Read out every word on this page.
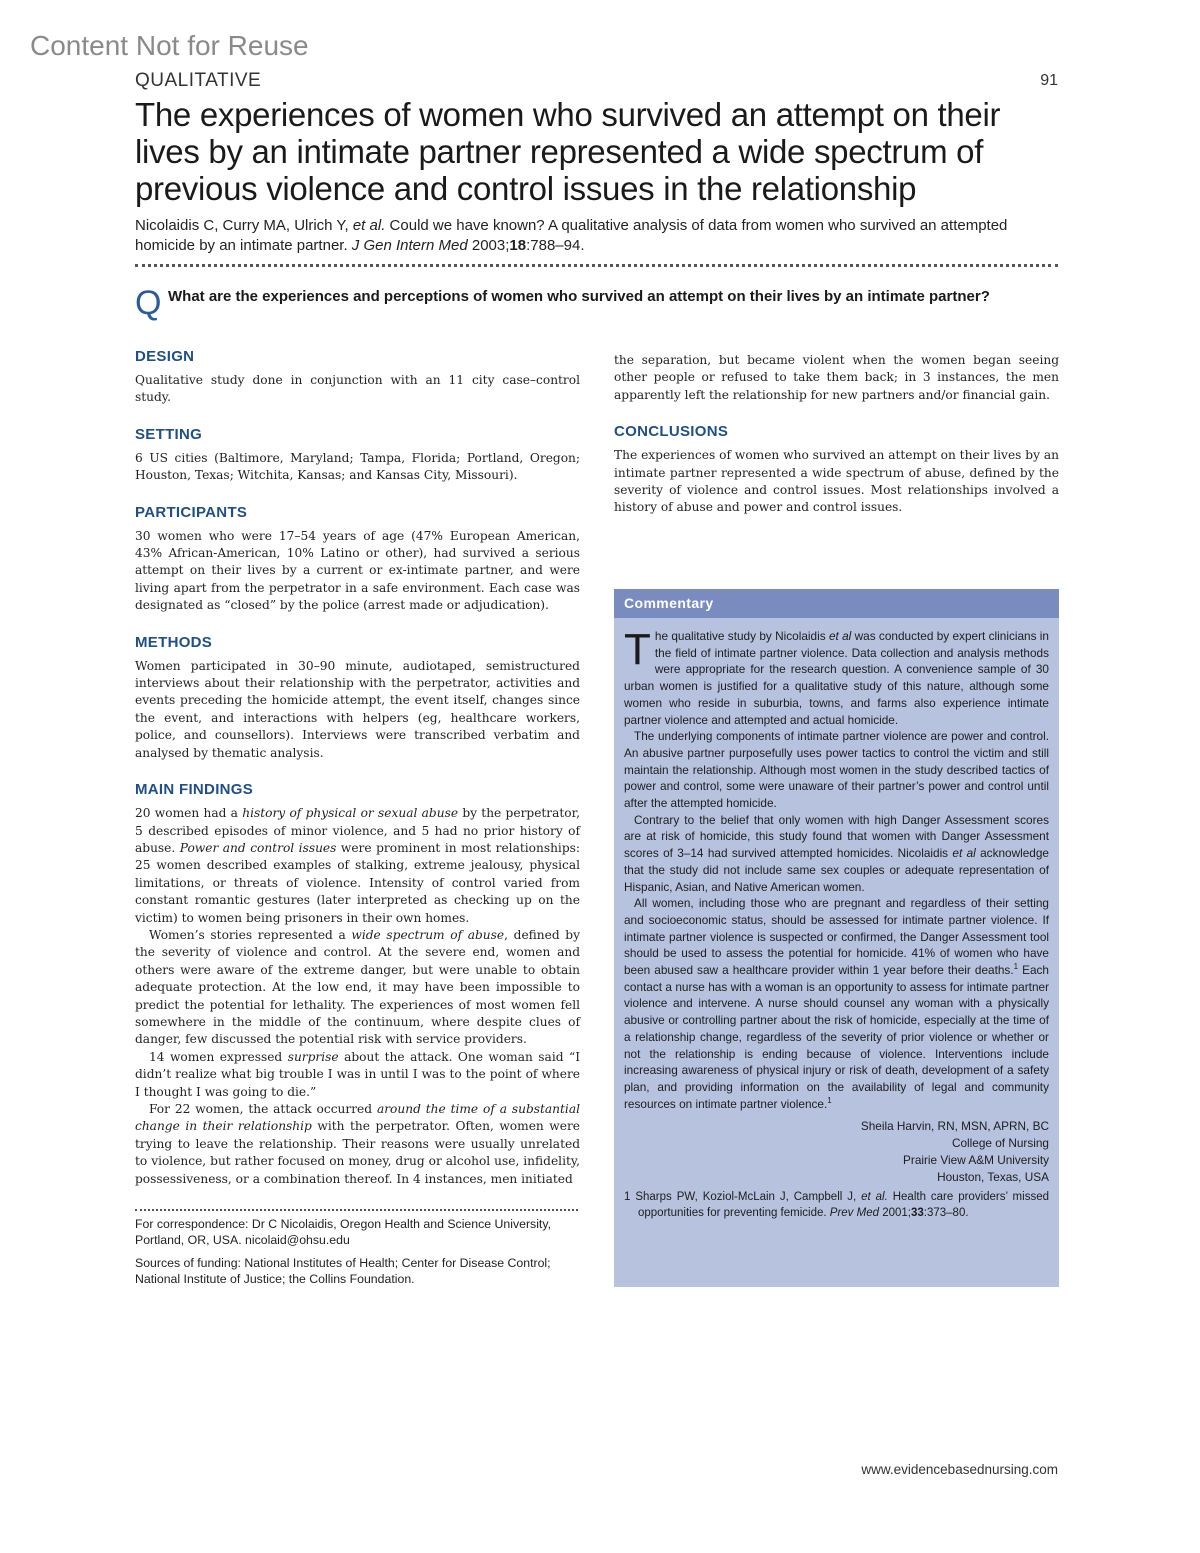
Content Not for Reuse
QUALITATIVE	91
The experiences of women who survived an attempt on their lives by an intimate partner represented a wide spectrum of previous violence and control issues in the relationship

Nicolaidis C, Curry MA, Ulrich Y, et al. Could we have known? A qualitative analysis of data from women who survived an attempted homicide by an intimate partner. J Gen Intern Med 2003;18:788–94.

Q What are the experiences and perceptions of women who survived an attempt on their lives by an intimate partner?
DESIGN

Qualitative study done in conjunction with an 11 city case–control study.

SETTING

6 US cities (Baltimore, Maryland; Tampa, Florida; Portland, Oregon; Houston, Texas; Witchita, Kansas; and Kansas City, Missouri).

PARTICIPANTS

30 women who were 17–54 years of age (47% European American, 43% African-American, 10% Latino or other), had survived a serious attempt on their lives by a current or ex-intimate partner, and were living apart from the perpetrator in a safe environment. Each case was designated as “closed” by the police (arrest made or adjudication).

METHODS

Women participated in 30–90 minute, audiotaped, semistructured interviews about their relationship with the perpetrator, activities and events preceding the homicide attempt, the event itself, changes since the event, and interactions with helpers (eg, healthcare workers, police, and counsellors). Interviews were transcribed verbatim and analysed by thematic analysis.

MAIN FINDINGS

20 women had a history of physical or sexual abuse by the perpetrator, 5 described episodes of minor violence, and 5 had no prior history of abuse. Power and control issues were prominent in most relationships: 25 women described examples of stalking, extreme jealousy, physical limitations, or threats of violence. Intensity of control varied from constant romantic gestures (later interpreted as checking up on the victim) to women being prisoners in their own homes.

Women’s stories represented a wide spectrum of abuse, defined by the severity of violence and control. At the severe end, women and others were aware of the extreme danger, but were unable to obtain adequate protection. At the low end, it may have been impossible to predict the potential for lethality. The experiences of most women fell somewhere in the middle of the continuum, where despite clues of danger, few discussed the potential risk with service providers.

14 women expressed surprise about the attack. One woman said “I didn’t realize what big trouble I was in until I was to the point of where I thought I was going to die.”

For 22 women, the attack occurred around the time of a substantial change in their relationship with the perpetrator. Often, women were trying to leave the relationship. Their reasons were usually unrelated to violence, but rather focused on money, drug or alcohol use, infidelity, possessiveness, or a combination thereof. In 4 instances, men initiated

the separation, but became violent when the women began seeing other people or refused to take them back; in 3 instances, the men apparently left the relationship for new partners and/or financial gain.

CONCLUSIONS

The experiences of women who survived an attempt on their lives by an intimate partner represented a wide spectrum of abuse, defined by the severity of violence and control issues. Most relationships involved a history of abuse and power and control issues.

Commentary

The qualitative study by Nicolaidis et al was conducted by expert clinicians in the field of intimate partner violence. Data collection and analysis methods were appropriate for the research question. A convenience sample of 30 urban women is justified for a qualitative study of this nature, although some women who reside in suburbia, towns, and farms also experience intimate partner violence and attempted and actual homicide.

The underlying components of intimate partner violence are power and control. An abusive partner purposefully uses power tactics to control the victim and still maintain the relationship. Although most women in the study described tactics of power and control, some were unaware of their partner’s power and control until after the attempted homicide.

Contrary to the belief that only women with high Danger Assessment scores are at risk of homicide, this study found that women with Danger Assessment scores of 3–14 had survived attempted homicides. Nicolaidis et al acknowledge that the study did not include same sex couples or adequate representation of Hispanic, Asian, and Native American women.

All women, including those who are pregnant and regardless of their setting and socioeconomic status, should be assessed for intimate partner violence. If intimate partner violence is suspected or confirmed, the Danger Assessment tool should be used to assess the potential for homicide. 41% of women who have been abused saw a healthcare provider within 1 year before their deaths.$^1$ Each contact a nurse has with a woman is an opportunity to assess for intimate partner violence and intervene. A nurse should counsel any woman with a physically abusive or controlling partner about the risk of homicide, especially at the time of a relationship change, regardless of the severity of prior violence or whether or not the relationship is ending because of violence. Interventions include increasing awareness of physical injury or risk of death, development of a safety plan, and providing information on the availability of legal and community resources on intimate partner violence.$^1$

Sheila Harvin, RN, MSN, APRN, BC
College of Nursing
Prairie View A&M University
Houston, Texas, USA
1 Sharps PW, Koziol-McLain J, Campbell J, et al. Health care providers’ missed opportunities for preventing femicide. Prev Med 2001;33:373–80.

For correspondence: Dr C Nicolaidis, Oregon Health and Science University, Portland, OR, USA. nicolaid@ohsu.edu

Sources of funding: National Institutes of Health; Center for Disease Control; National Institute of Justice; the Collins Foundation.

www.evidencebasednursing.com
